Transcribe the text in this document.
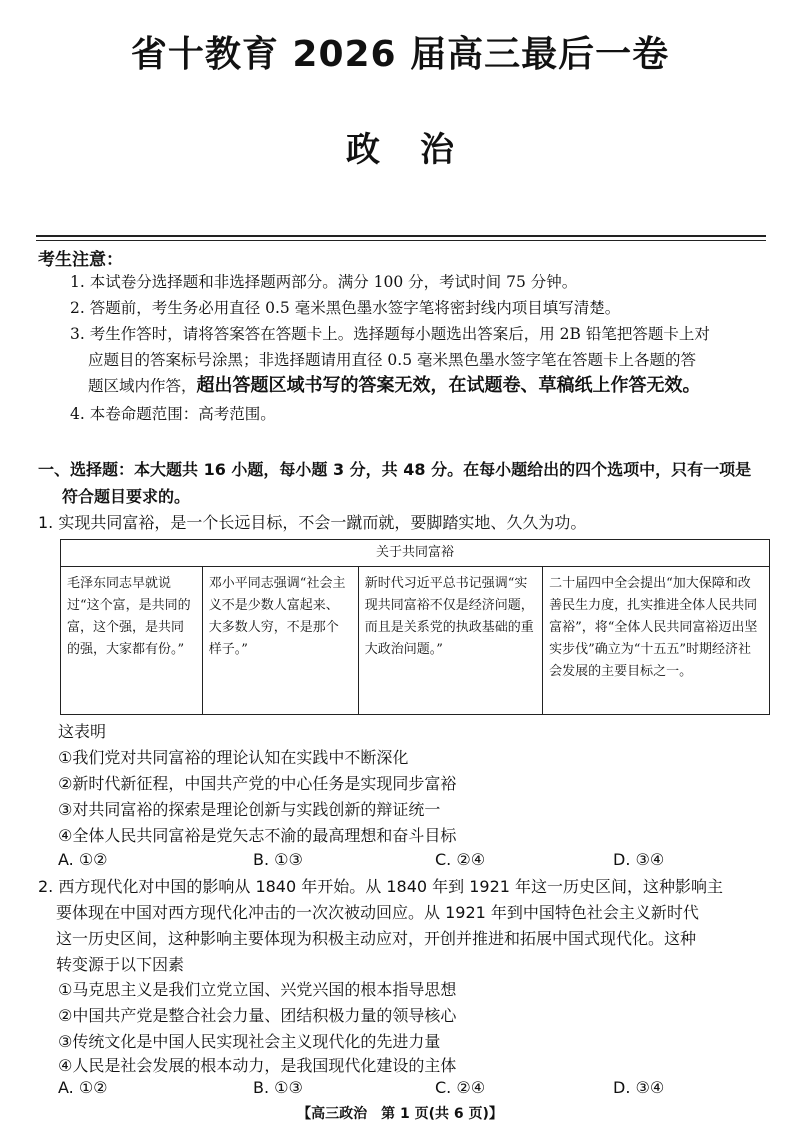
省十教育 2026 届高三最后一卷
政治
考生注意：
1. 本试卷分选择题和非选择题两部分。满分 100 分，考试时间 75 分钟。
2. 答题前，考生务必用直径 0.5 毫米黑色墨水签字笔将密封线内项目填写清楚。
3. 考生作答时，请将答案答在答题卡上。选择题每小题选出答案后，用 2B 铅笔把答题卡上对
应题目的答案标号涂黑；非选择题请用直径 0.5 毫米黑色墨水签字笔在答题卡上各题的答
题区域内作答，超出答题区域书写的答案无效，在试题卷、草稿纸上作答无效。
4. 本卷命题范围：高考范围。
一、选择题：本大题共 16 小题，每小题 3 分，共 48 分。在每小题给出的四个选项中，只有一项是
符合题目要求的。
1. 实现共同富裕，是一个长远目标，不会一蹴而就，要脚踏实地、久久为功。
关于共同富裕
毛泽东同志早就说过“这个富，是共同的富，这个强，是共同的强，大家都有份。”	邓小平同志强调“社会主义不是少数人富起来、大多数人穷，不是那个样子。”	新时代习近平总书记强调“实现共同富裕不仅是经济问题，而且是关系党的执政基础的重大政治问题。”	二十届四中全会提出“加大保障和改善民生力度，扎实推进全体人民共同富裕”，将“全体人民共同富裕迈出坚实步伐”确立为“十五五”时期经济社会发展的主要目标之一。
这表明
①我们党对共同富裕的理论认知在实践中不断深化
②新时代新征程，中国共产党的中心任务是实现同步富裕
③对共同富裕的探索是理论创新与实践创新的辩证统一
④全体人民共同富裕是党矢志不渝的最高理想和奋斗目标
A. ①②	B. ①③	C. ②④	D. ③④
2. 西方现代化对中国的影响从 1840 年开始。从 1840 年到 1921 年这一历史区间，这种影响主
要体现在中国对西方现代化冲击的一次次被动回应。从 1921 年到中国特色社会主义新时代
这一历史区间，这种影响主要体现为积极主动应对，开创并推进和拓展中国式现代化。这种
转变源于以下因素
①马克思主义是我们立党立国、兴党兴国的根本指导思想
②中国共产党是整合社会力量、团结积极力量的领导核心
③传统文化是中国人民实现社会主义现代化的先进力量
④人民是社会发展的根本动力，是我国现代化建设的主体
A. ①②	B. ①③	C. ②④	D. ③④
【高三政治　第 1 页(共 6 页)】
